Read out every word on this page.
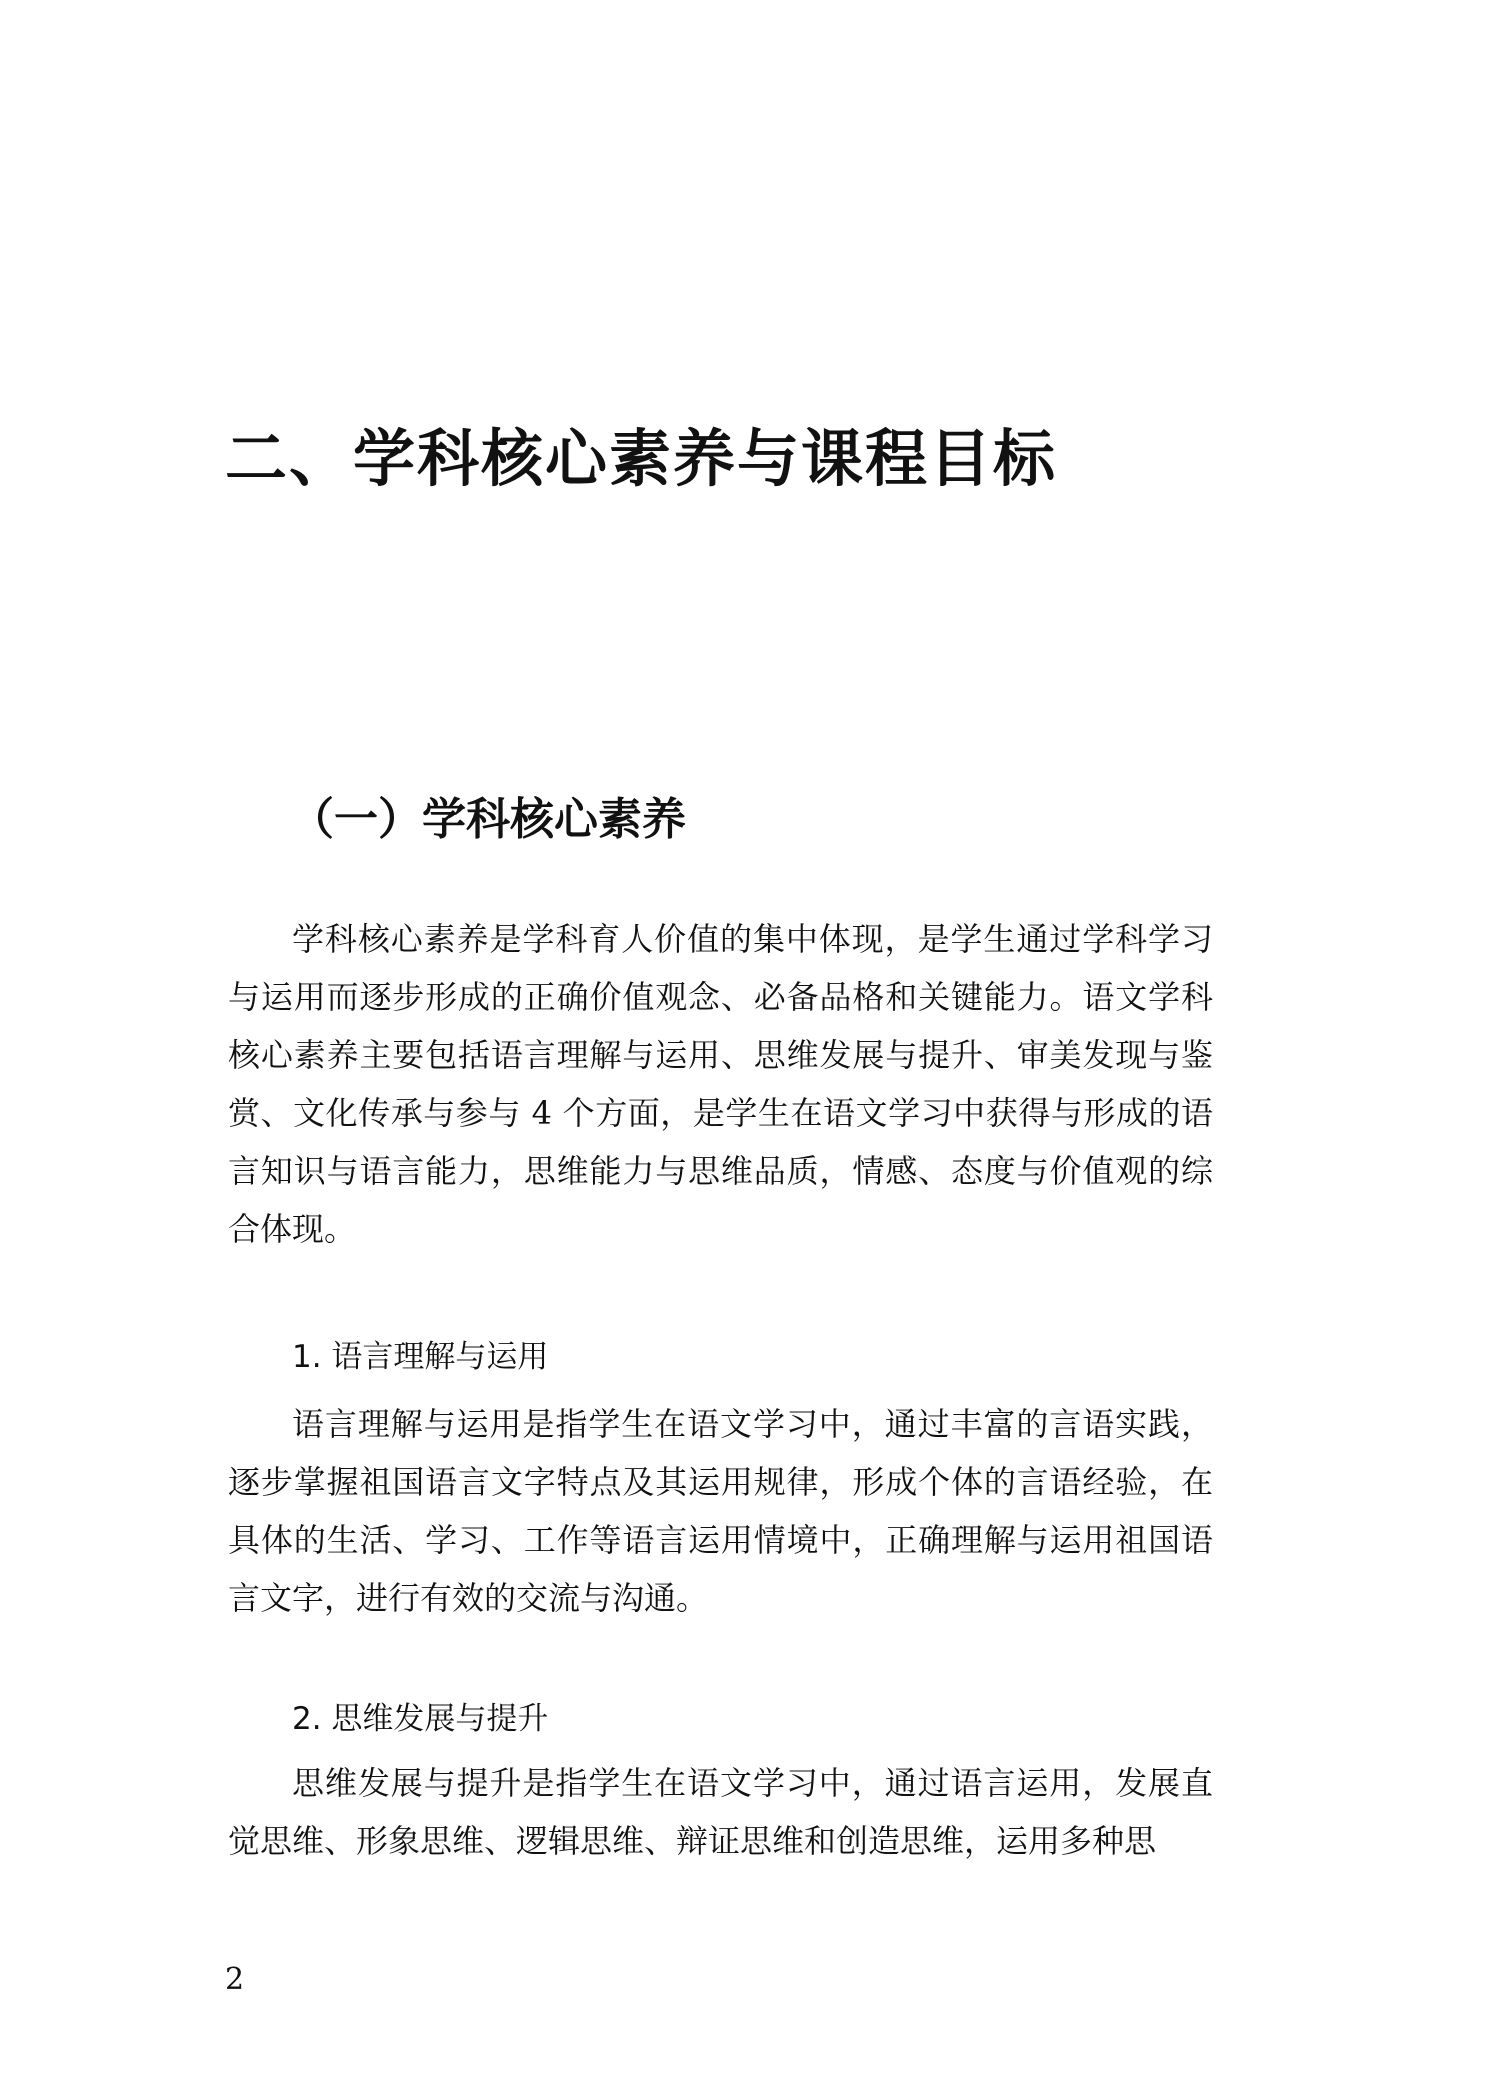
二、学科核心素养与课程目标
（一）学科核心素养

学科核心素养是学科育人价值的集中体现，是学生通过学科学习与运用而逐步形成的正确价值观念、必备品格和关键能力。语文学科核心素养主要包括语言理解与运用、思维发展与提升、审美发现与鉴赏、文化传承与参与 4 个方面，是学生在语文学习中获得与形成的语言知识与语言能力，思维能力与思维品质，情感、态度与价值观的综合体现。

1. 语言理解与运用

语言理解与运用是指学生在语文学习中，通过丰富的言语实践，逐步掌握祖国语言文字特点及其运用规律，形成个体的言语经验，在具体的生活、学习、工作等语言运用情境中，正确理解与运用祖国语言文字，进行有效的交流与沟通。

2. 思维发展与提升

思维发展与提升是指学生在语文学习中，通过语言运用，发展直觉思维、形象思维、逻辑思维、辩证思维和创造思维，运用多种思

2
